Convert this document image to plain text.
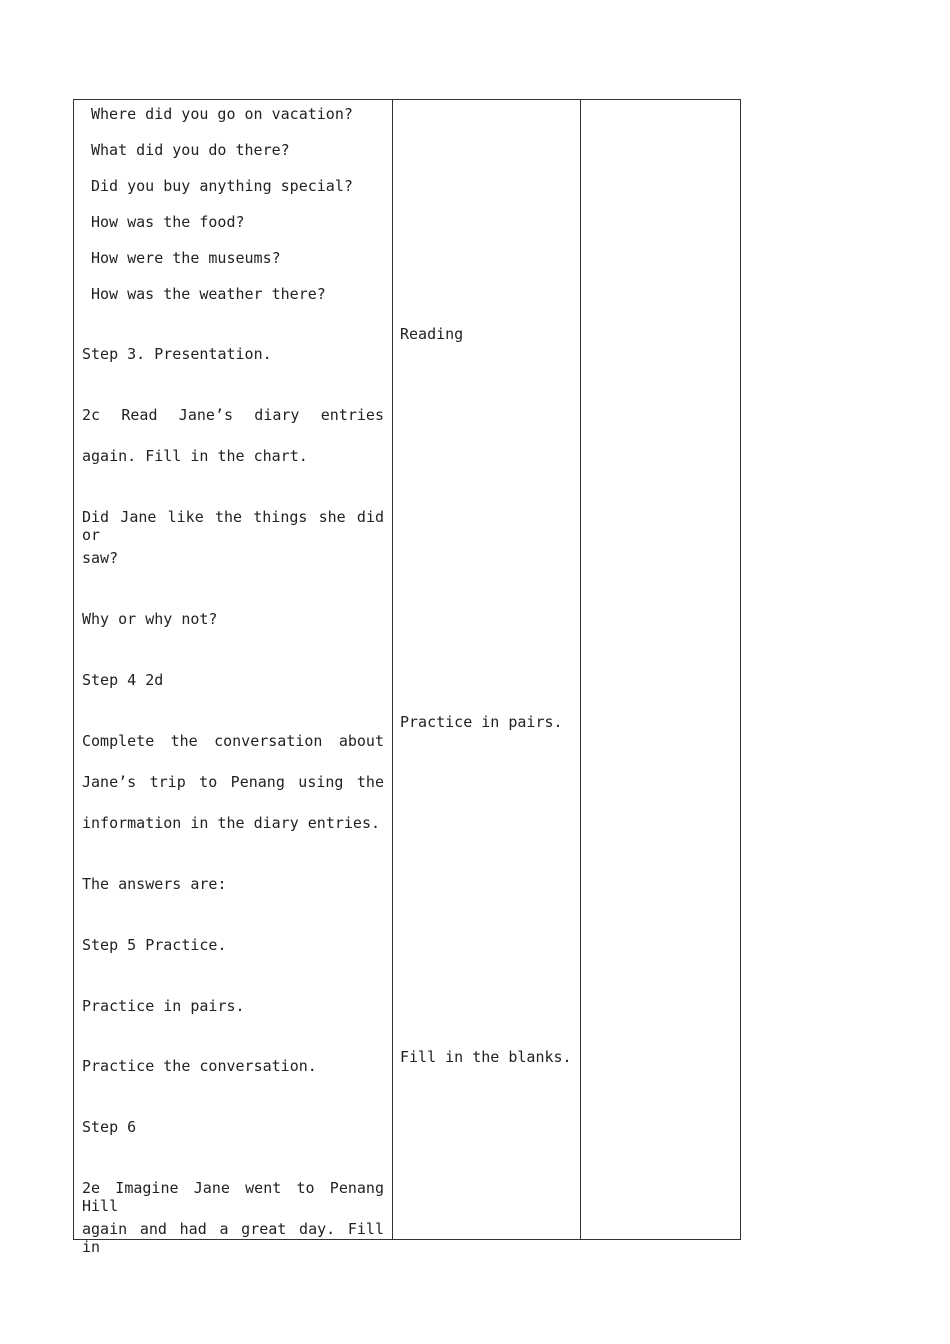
Where did you go on vacation?
What did you do there?
Did you buy anything special?
How was the food?
How were the museums?
How was the weather there?
Step 3. Presentation.
2c Read Jane’s diary entries
again. Fill in the chart.
Did Jane like the things she did or
saw?
Why or why not?
Step 4 2d
Complete the conversation about
Jane’s trip to Penang using the
information in the diary entries.
The answers are:
Step 5 Practice.
Practice in pairs.
Practice the conversation.
Step 6
2e Imagine Jane went to Penang Hill
again and had a great day. Fill in
Reading
Practice in pairs.
Fill in the blanks.
